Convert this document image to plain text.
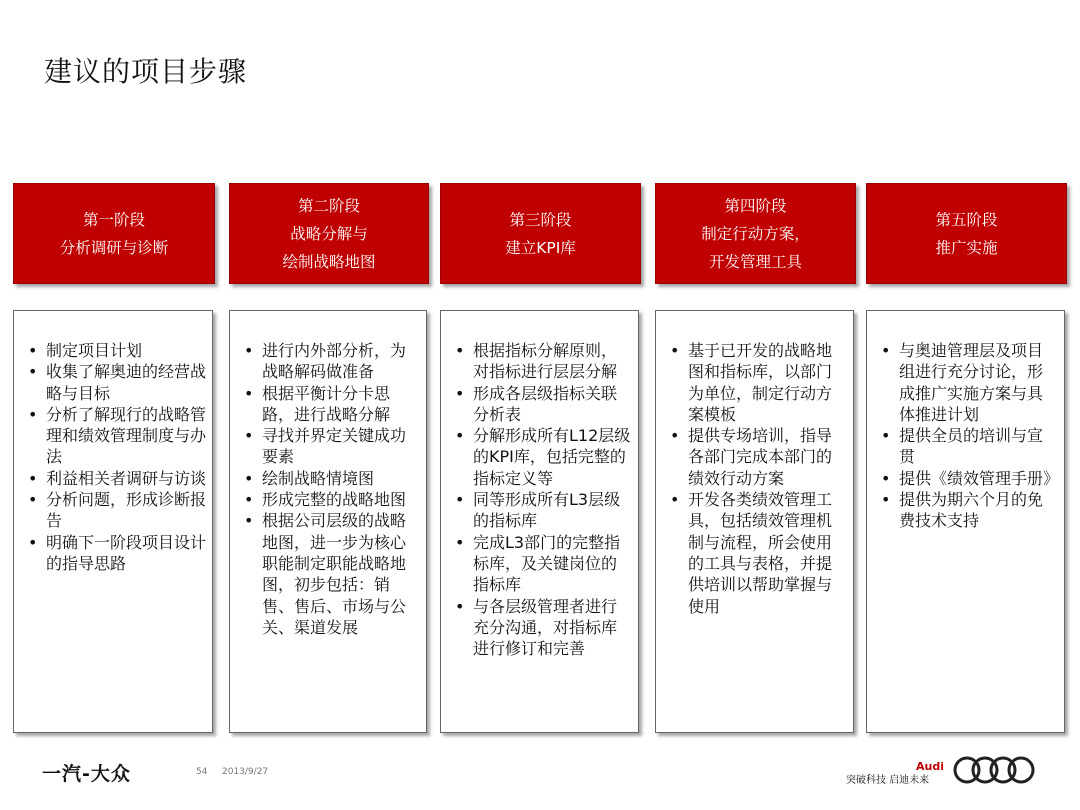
建议的项目步骤
第一阶段
分析调研与诊断
第二阶段
战略分解与
绘制战略地图
第三阶段
建立KPI库
第四阶段
制定行动方案，
开发管理工具
第五阶段
推广实施
• 制定项目计划
• 收集了解奥迪的经营战略与目标
• 分析了解现行的战略管理和绩效管理制度与办法
• 利益相关者调研与访谈
• 分析问题，形成诊断报告
• 明确下一阶段项目设计的指导思路
• 进行内外部分析，为战略解码做准备
• 根据平衡计分卡思路，进行战略分解
• 寻找并界定关键成功要素
• 绘制战略情境图
• 形成完整的战略地图
• 根据公司层级的战略地图，进一步为核心职能制定职能战略地图，初步包括：销售、售后、市场与公关、渠道发展
• 根据指标分解原则，对指标进行层层分解
• 形成各层级指标关联分析表
• 分解形成所有L12层级的KPI库，包括完整的指标定义等
• 同等形成所有L3层级的指标库
• 完成L3部门的完整指标库，及关键岗位的指标库
• 与各层级管理者进行充分沟通，对指标库进行修订和完善
• 基于已开发的战略地图和指标库，以部门为单位，制定行动方案模板
• 提供专场培训，指导各部门完成本部门的绩效行动方案
• 开发各类绩效管理工具，包括绩效管理机制与流程，所会使用的工具与表格，并提供培训以帮助掌握与使用
• 与奥迪管理层及项目组进行充分讨论，形成推广实施方案与具体推进计划
• 提供全员的培训与宣贯
• 提供《绩效管理手册》
• 提供为期六个月的免费技术支持
一汽-大众	54 2013/9/27	Audi
突破科技 启迪未来
